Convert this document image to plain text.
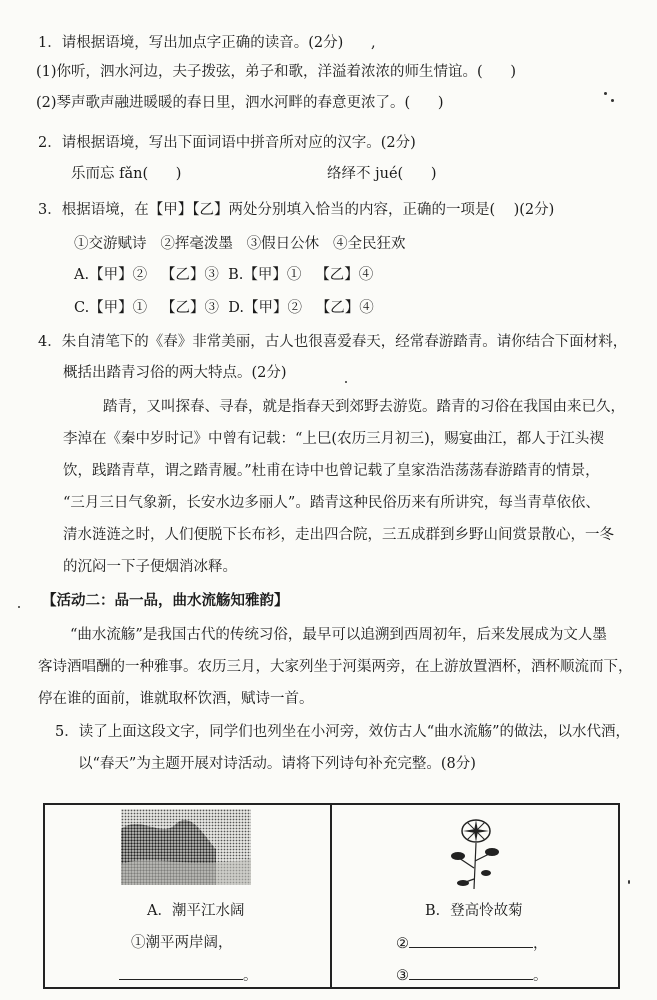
1．请根据语境，写出加点字正确的读音。(2分) ,
(1)你听，泗水河边，夫子拨弦，弟子和歌，洋溢着浓浓的师生情谊。(      )
(2)琴声歌声融进暖暖的春日里，泗水河畔的春意更浓了。(      )
2．请根据语境，写出下面词语中拼音所对应的汉字。(2分)
乐而忘 fǎn(      )	络绎不 jué(      )
3．根据语境，在【甲】【乙】两处分别填入恰当的内容，正确的一项是(    )(2分)
①交游赋诗   ②挥毫泼墨   ③假日公休   ④全民狂欢
A.【甲】②   【乙】③  B.【甲】①   【乙】④
C.【甲】①   【乙】③  D.【甲】②   【乙】④
4．朱自清笔下的《春》非常美丽，古人也很喜爱春天，经常春游踏青。请你结合下面材料，
概括出踏青习俗的两大特点。(2分)
踏青，又叫探春、寻春，就是指春天到郊野去游览。踏青的习俗在我国由来已久，
李淖在《秦中岁时记》中曾有记载：“上巳(农历三月初三)，赐宴曲江，都人于江头禊
饮，践踏青草，谓之踏青履。”杜甫在诗中也曾记载了皇家浩浩荡荡春游踏青的情景，
“三月三日气象新，长安水边多丽人”。踏青这种民俗历来有所讲究，每当青草依依、
清水涟涟之时，人们便脱下长布衫，走出四合院，三五成群到乡野山间赏景散心，一冬
的沉闷一下子便烟消冰释。
【活动二：品一品，曲水流觞知雅韵】
“曲水流觞”是我国古代的传统习俗，最早可以追溯到西周初年，后来发展成为文人墨
客诗酒唱酬的一种雅事。农历三月，大家列坐于河渠两旁，在上游放置酒杯，酒杯顺流而下，
停在谁的面前，谁就取杯饮酒，赋诗一首。
5．读了上面这段文字，同学们也列坐在小河旁，效仿古人“曲水流觞”的做法，以水代酒，
以“春天”为主题开展对诗活动。请将下列诗句补充完整。(8分)
A．潮平江水阔
①潮平两岸阔，
。
B．登高怜故菊
②	，
③	。
